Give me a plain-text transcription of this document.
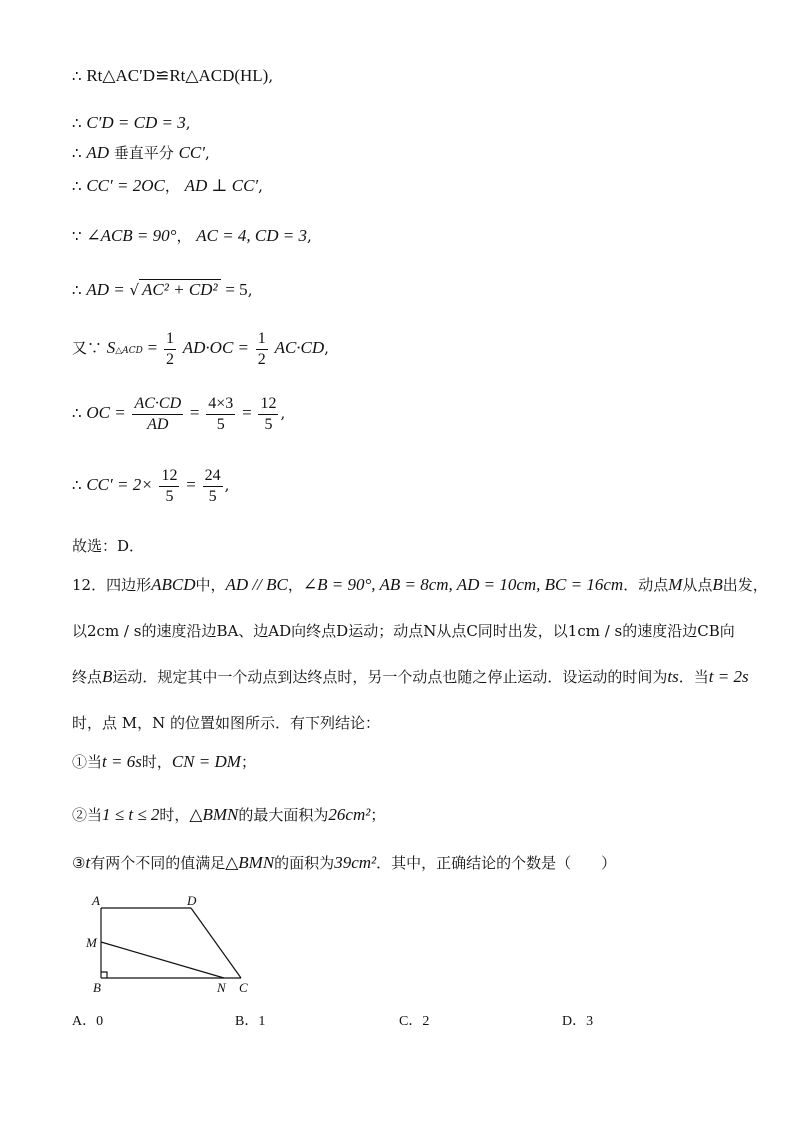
∴ Rt△AC′D≌Rt△ACD(HL),
∴ C′D = CD = 3,
∴ AD 垂直平分 CC′,
∴ CC′ = 2OC， AD ⊥ CC′,
∵ ∠ACB = 90°， AC = 4, CD = 3,
∴ AD = √ AC² + CD² = 5,
又∵ S△ACD = $\frac{1}{2} AD\cdot OC = \frac{1}{2} AC\cdot CD$,
∴ OC = $\frac{AC\cdot CD}{AD} = \frac{4\times 3}{5} = \frac{12}{5}$ ,
∴ $CC' = 2\times \frac{12}{5} = \frac{24}{5}$ ,
故选：D．
12．四边形ABCD中，AD // BC，∠B = 90°, AB = 8cm, AD = 10cm, BC = 16cm．动点M从点B出发，
以2cm / s的速度沿边BA、边AD向终点D运动；动点N从点C同时出发，以1cm / s的速度沿边CB向
终点B运动．规定其中一个动点到达终点时，另一个动点也随之停止运动．设运动的时间为ts．当t = 2s
时，点 M，N 的位置如图所示．有下列结论：
①当t = 6s时，CN = DM；
②当1 ≤ t ≤ 2时，△BMN的最大面积为26cm²；
③t有两个不同的值满足△BMN的面积为39cm²．其中，正确结论的个数是（　　）
A	D
M
B	N C
A．0	B．1	C．2	D．3
